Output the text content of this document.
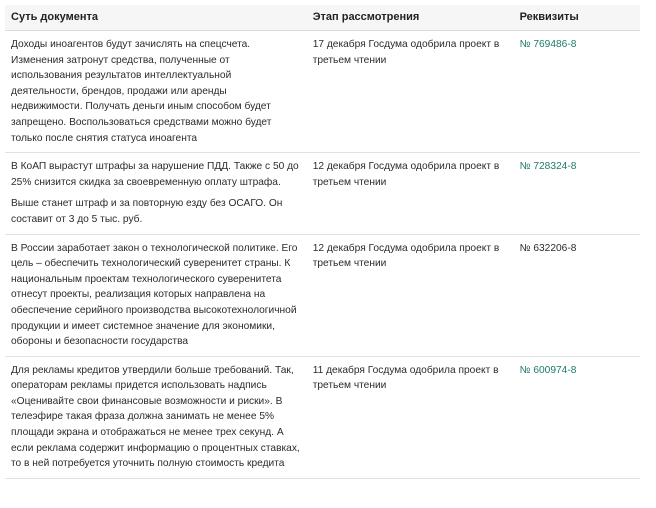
Суть документа	Этап рассмотрения	Реквизиты

Доходы иноагентов будут зачислять на спецсчета. Изменения затронут средства, полученные от использования результатов интеллектуальной деятельности, брендов, продажи или аренды недвижимости. Получать деньги иным способом будет запрещено. Воспользоваться средствами можно будет только после снятия статуса иноагента	17 декабря Госдума одобрила проект в третьем чтении	№ 769486-8

В КоАП вырастут штрафы за нарушение ПДД. Также с 50 до 25% снизится скидка за своевременную оплату штрафа.

Выше станет штраф и за повторную езду без ОСАГО. Он составит от 3 до 5 тыс. руб.	12 декабря Госдума одобрила проект в третьем чтении	№ 728324-8

В России заработает закон о технологической политике. Его цель – обеспечить технологический суверенитет страны. К национальным проектам технологического суверенитета отнесут проекты, реализация которых направлена на обеспечение серийного производства высокотехнологичной продукции и имеет системное значение для экономики, обороны и безопасности государства	12 декабря Госдума одобрила проект в третьем чтении	№ 632206-8

Для рекламы кредитов утвердили больше требований. Так, операторам рекламы придется использовать надпись «Оценивайте свои финансовые возможности и риски». В телеэфире такая фраза должна занимать не менее 5% площади экрана и отображаться не менее трех секунд. А если реклама содержит информацию о процентных ставках, то в ней потребуется уточнить полную стоимость кредита	11 декабря Госдума одобрила проект в третьем чтении	№ 600974-8
